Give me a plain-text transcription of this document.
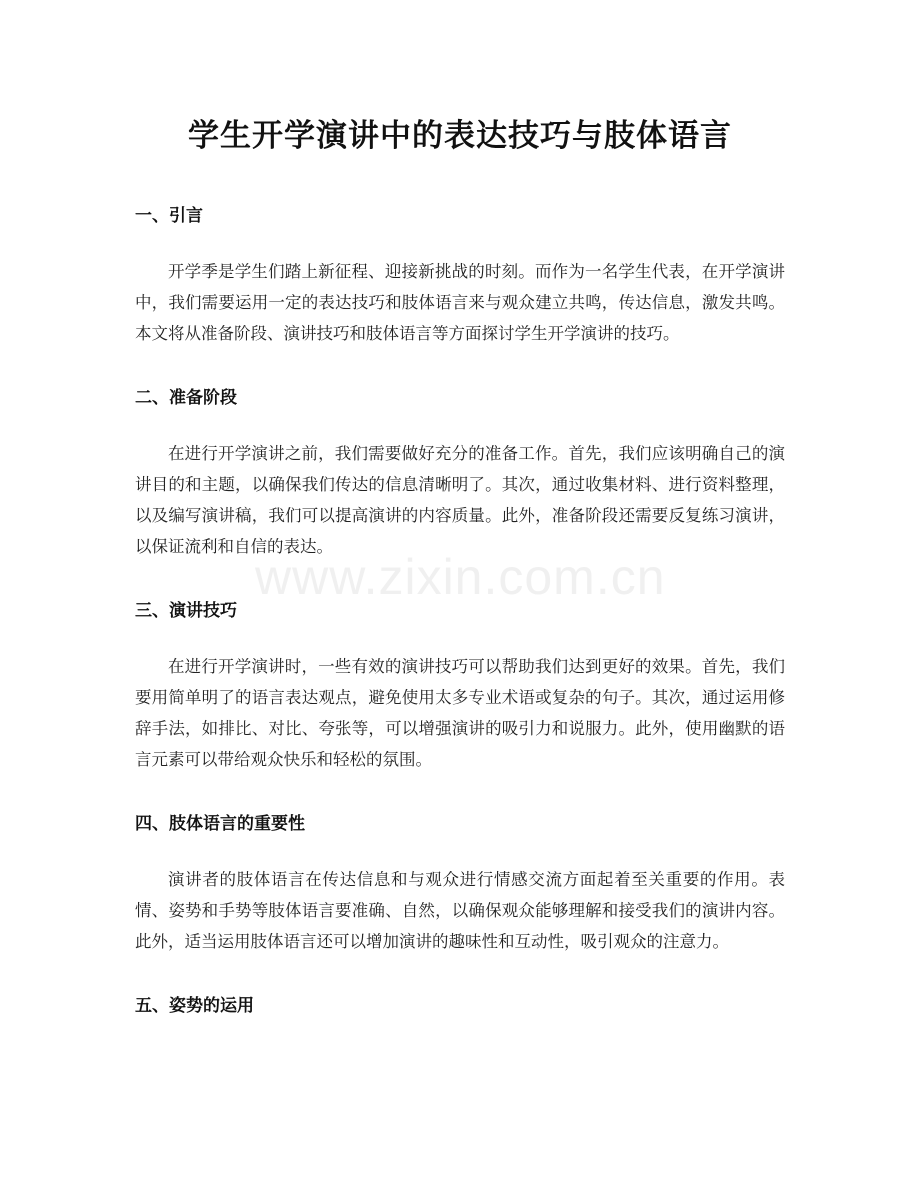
学生开学演讲中的表达技巧与肢体语言
一、引言

开学季是学生们踏上新征程、迎接新挑战的时刻。而作为一名学生代表，在开学演讲中，我们需要运用一定的表达技巧和肢体语言来与观众建立共鸣，传达信息，激发共鸣。本文将从准备阶段、演讲技巧和肢体语言等方面探讨学生开学演讲的技巧。

二、准备阶段

在进行开学演讲之前，我们需要做好充分的准备工作。首先，我们应该明确自己的演讲目的和主题，以确保我们传达的信息清晰明了。其次，通过收集材料、进行资料整理，以及编写演讲稿，我们可以提高演讲的内容质量。此外，准备阶段还需要反复练习演讲，以保证流利和自信的表达。

三、演讲技巧

在进行开学演讲时，一些有效的演讲技巧可以帮助我们达到更好的效果。首先，我们要用简单明了的语言表达观点，避免使用太多专业术语或复杂的句子。其次，通过运用修辞手法，如排比、对比、夸张等，可以增强演讲的吸引力和说服力。此外，使用幽默的语言元素可以带给观众快乐和轻松的氛围。

四、肢体语言的重要性

演讲者的肢体语言在传达信息和与观众进行情感交流方面起着至关重要的作用。表情、姿势和手势等肢体语言要准确、自然，以确保观众能够理解和接受我们的演讲内容。此外，适当运用肢体语言还可以增加演讲的趣味性和互动性，吸引观众的注意力。

五、姿势的运用
www.zixin.com.cn
